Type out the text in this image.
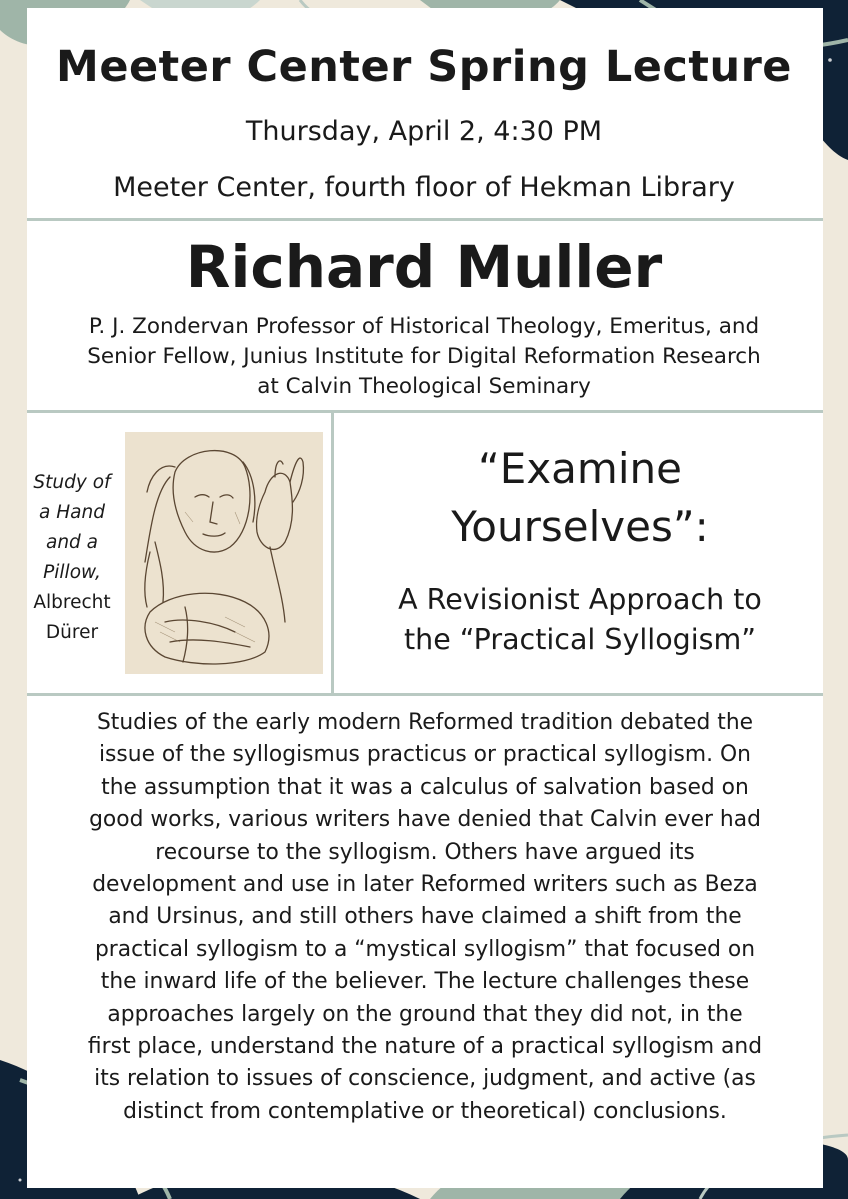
Meeter Center Spring Lecture
Thursday, April 2, 4:30 PM
Meeter Center, fourth floor of Hekman Library
Richard Muller
P. J. Zondervan Professor of Historical Theology, Emeritus, and
Senior Fellow, Junius Institute for Digital Reformation Research
at Calvin Theological Seminary
Study of
a Hand
and a
Pillow,
Albrecht
Dürer
“Examine
Yourselves”:
A Revisionist Approach to
the “Practical Syllogism”
Studies of the early modern Reformed tradition debated the
issue of the syllogismus practicus or practical syllogism. On
the assumption that it was a calculus of salvation based on
good works, various writers have denied that Calvin ever had
recourse to the syllogism. Others have argued its
development and use in later Reformed writers such as Beza
and Ursinus, and still others have claimed a shift from the
practical syllogism to a “mystical syllogism” that focused on
the inward life of the believer. The lecture challenges these
approaches largely on the ground that they did not, in the
first place, understand the nature of a practical syllogism and
its relation to issues of conscience, judgment, and active (as
distinct from contemplative or theoretical) conclusions.
